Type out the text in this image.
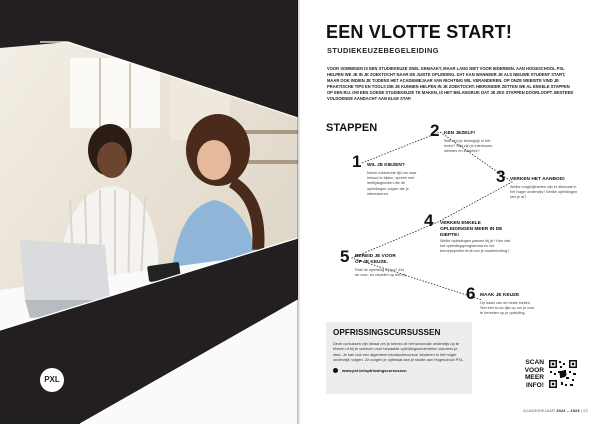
PXL
EEN VLOTTE START!
STUDIEKEUZEBEGELEIDING
VOOR SOMMIGEN IS EEN STUDIEKEUZE SNEL GEMAAKT, MAAR LANG NIET VOOR IEDEREEN. AAN HOGESCHOOL PXL HELPEN WE JE IN JE ZOEKTOCHT NAAR DE JUISTE OPLEIDING. DAT KAN WANNEER JE ALS NIEUWE STUDENT START, MAAR OOK INDIEN JE TIJDENS HET ACADEMIEJAAR VAN RICHTING WIL VERANDEREN. OP ONZE WEBSITE VIND JE PRAKTISCHE TIPS EN TOOLS DIE JE KUNNEN HELPEN IN JE ZOEKTOCHT. HIERONDER ZETTEN WE AL ENKELE STAPPEN OP EEN RIJ. OM EEN GOEDE STUDIEKEUZE TE MAKEN, IS HET BELANGRIJK DAT JE ZES STAPPEN DOORLOOPT. BESTEED VOLDOENDE AANDACHT AAN ELKE STAP.
STAPPEN
1 WIL JE KIEZEN?
Neem voldoende tijd om naar inhoud te kijken, spreek met leeftijdsgenoten die de opleidingen volgen die je interesseren.
2 KEN JEZELF!
Wat vind je belangrijk in het leven? Wat zijn je interesses, sterktes en zwaktes?
3 VERKEN HET AANBOD!
Welke mogelijkheden zijn er allemaal in het hoger onderwijs? Welke opleidingen ken je al?
4 VERKEN ENKELE OPLEIDINGEN MEER IN DE DIEPTE!
Welke opleidingen passen bij je? Hoe ziet het opleidingsprogramma en het beroepsprofiel eruit van je studierichting?
5 BEREID JE VOOR OP JE KEUZE.
Past de opleiding bij jou? Zet de voor- en nadelen op een rij.
6 MAAK JE KEUZE
Op basis van de beste inzicht. Stel een to-do-lijst op om je voor te bereiden op je opleiding.
OPFRISSINGSCURSUSSEN
Deze cursussen zijn ideaal om je kennis uit het secundair onderwijs op te frissen of bij te schaven voor bepaalde opleidingsonderdelen alvorens je start. Je kan ook een algemene introductiecursus 'studeren in het hoger onderwijs' volgen. Ze zorgen je optimaal aan je studie aan Hogeschool PXL.
www.pxl.be/opfrissingscursussen
SCAN
VOOR
MEER
INFO!
ACADEMIEJAAR 2022 – 2023 | 22
